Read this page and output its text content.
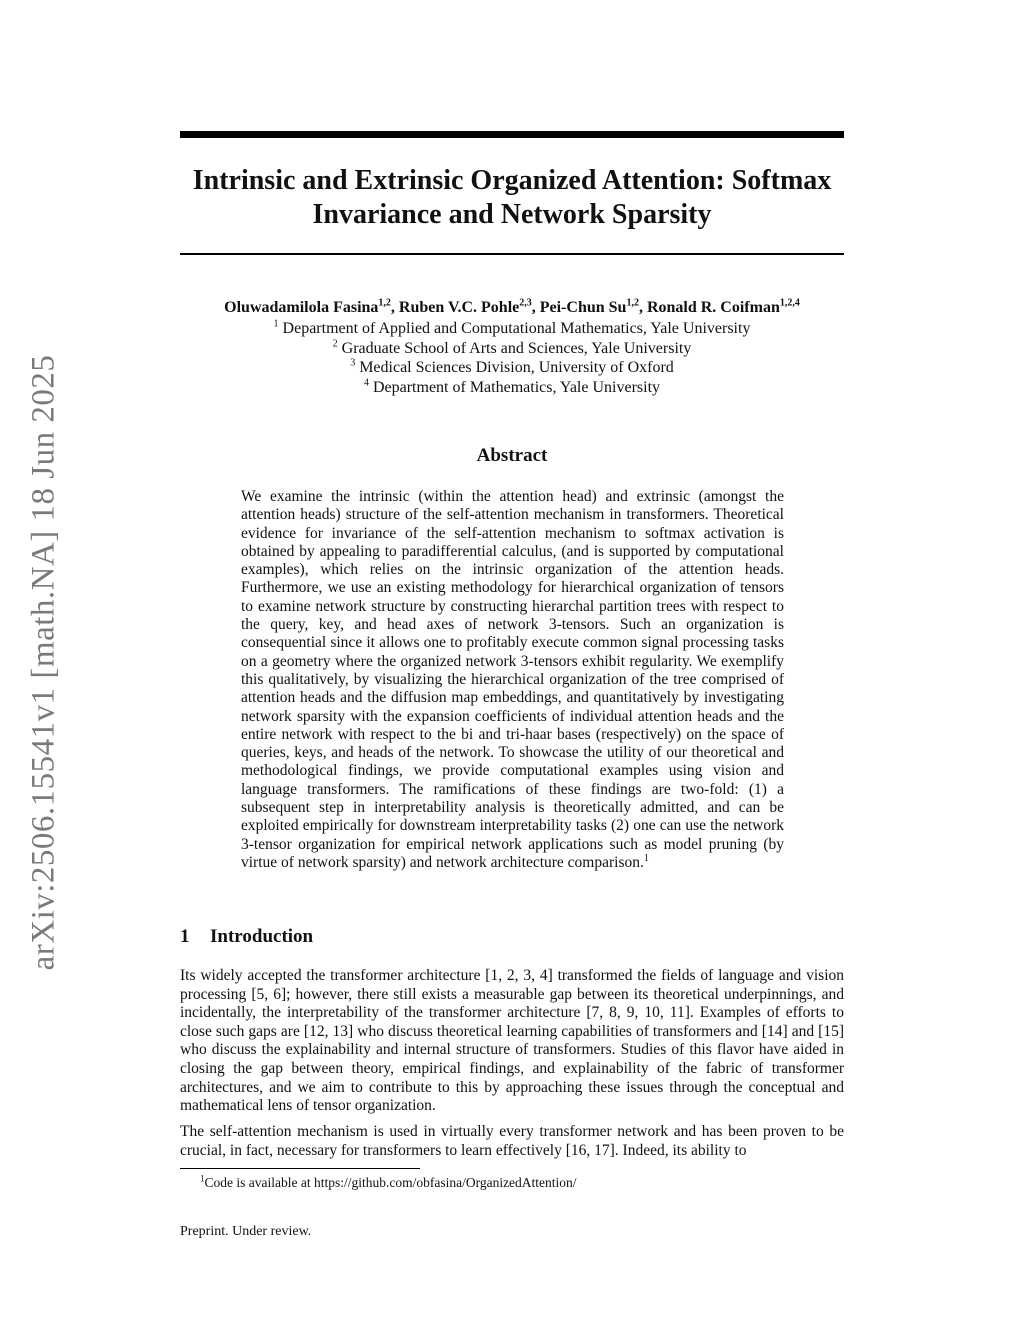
arXiv:2506.15541v1 [math.NA] 18 Jun 2025
Intrinsic and Extrinsic Organized Attention: Softmax Invariance and Network Sparsity

Oluwadamilola Fasina$^{1,2}$, Ruben V.C. Pohle$^{2,3}$, Pei-Chun Su$^{1,2}$, Ronald R. Coifman$^{1,2,4}$

$^1$ Department of Applied and Computational Mathematics, Yale University
$^2$ Graduate School of Arts and Sciences, Yale University
$^3$ Medical Sciences Division, University of Oxford
$^4$ Department of Mathematics, Yale University
Abstract

We examine the intrinsic (within the attention head) and extrinsic (amongst the attention heads) structure of the self-attention mechanism in transformers. Theoretical evidence for invariance of the self-attention mechanism to softmax activation is obtained by appealing to paradifferential calculus, (and is supported by computational examples), which relies on the intrinsic organization of the attention heads. Furthermore, we use an existing methodology for hierarchical organization of tensors to examine network structure by constructing hierarchal partition trees with respect to the query, key, and head axes of network 3-tensors. Such an organization is consequential since it allows one to profitably execute common signal processing tasks on a geometry where the organized network 3-tensors exhibit regularity. We exemplify this qualitatively, by visualizing the hierarchical organization of the tree comprised of attention heads and the diffusion map embeddings, and quantitatively by investigating network sparsity with the expansion coefficients of individual attention heads and the entire network with respect to the bi and tri-haar bases (respectively) on the space of queries, keys, and heads of the network. To showcase the utility of our theoretical and methodological findings, we provide computational examples using vision and language transformers. The ramifications of these findings are two-fold: (1) a subsequent step in interpretability analysis is theoretically admitted, and can be exploited empirically for downstream interpretability tasks (2) one can use the network 3-tensor organization for empirical network applications such as model pruning (by virtue of network sparsity) and network architecture comparison.$^1$

1 Introduction

Its widely accepted the transformer architecture [1, 2, 3, 4] transformed the fields of language and vision processing [5, 6]; however, there still exists a measurable gap between its theoretical underpinnings, and incidentally, the interpretability of the transformer architecture [7, 8, 9, 10, 11]. Examples of efforts to close such gaps are [12, 13] who discuss theoretical learning capabilities of transformers and [14] and [15] who discuss the explainability and internal structure of transformers. Studies of this flavor have aided in closing the gap between theory, empirical findings, and explainability of the fabric of transformer architectures, and we aim to contribute to this by approaching these issues through the conceptual and mathematical lens of tensor organization.

The self-attention mechanism is used in virtually every transformer network and has been proven to be crucial, in fact, necessary for transformers to learn effectively [16, 17]. Indeed, its ability to

$^1$Code is available at https://github.com/obfasina/OrganizedAttention/

Preprint. Under review.
